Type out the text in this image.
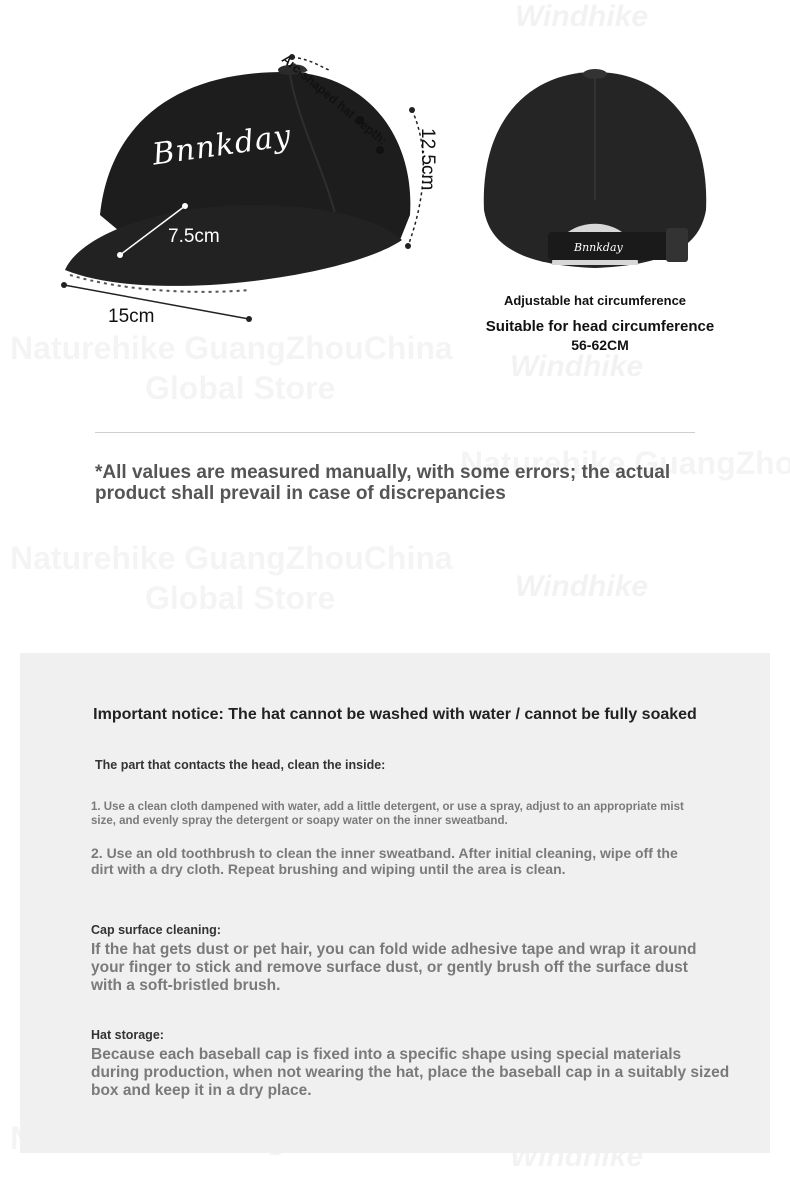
Windhike
Windhike
Windhike
Windhike
Bnnkday
Arc-shaped hat depth:
12.5cm
7.5cm
15cm
Bnnkday
Adjustable hat circumference
Suitable for head circumference
56-62CM
*All values are measured manually, with some errors; the actual product shall prevail in case of discrepancies
Important notice: The hat cannot be washed with water / cannot be fully soaked
The part that contacts the head, clean the inside:
1. Use a clean cloth dampened with water, add a little detergent, or use a spray, adjust to an appropriate mist size, and evenly spray the detergent or soapy water on the inner sweatband.
2. Use an old toothbrush to clean the inner sweatband. After initial cleaning, wipe off the dirt with a dry cloth. Repeat brushing and wiping until the area is clean.
Cap surface cleaning:
If the hat gets dust or pet hair, you can fold wide adhesive tape and wrap it around your finger to stick and remove surface dust, or gently brush off the surface dust with a soft-bristled brush.
Hat storage:
Because each baseball cap is fixed into a specific shape using special materials during production, when not wearing the hat, place the baseball cap in a suitably sized box and keep it in a dry place.
